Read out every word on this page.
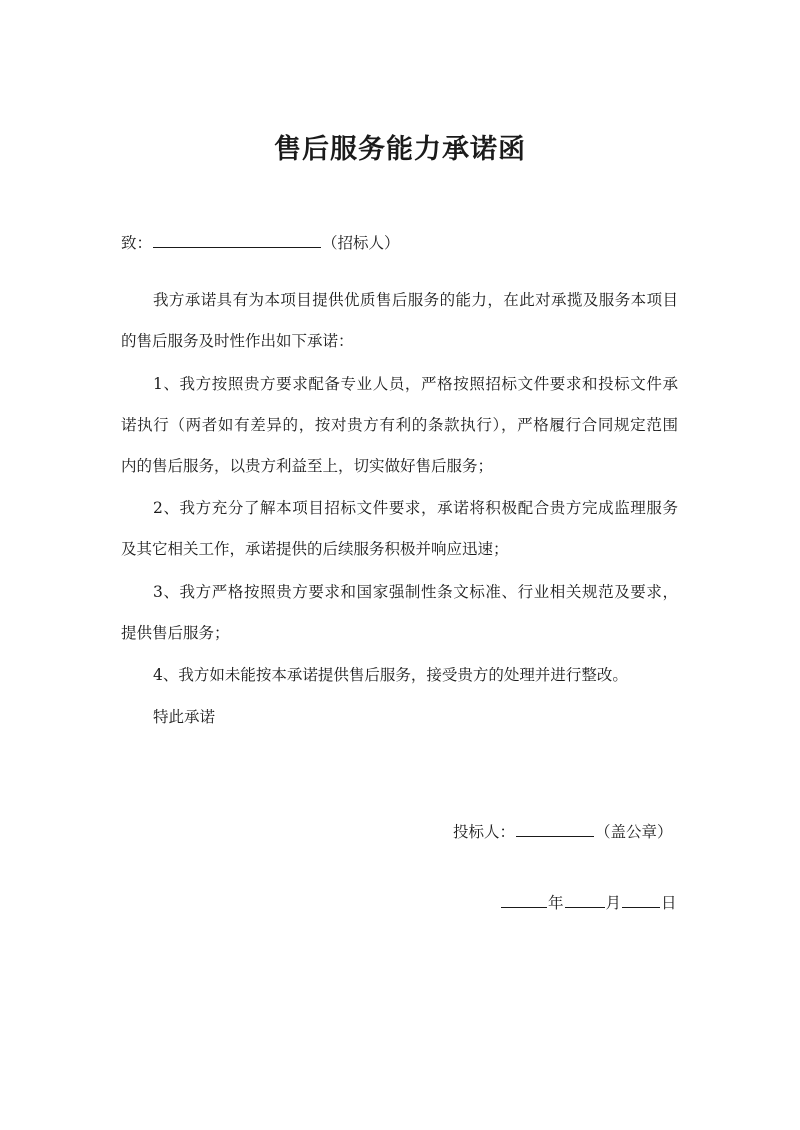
售后服务能力承诺函
致：	（招标人）
我方承诺具有为本项目提供优质售后服务的能力，在此对承揽及服务本项目
的售后服务及时性作出如下承诺：
1、我方按照贵方要求配备专业人员，严格按照招标文件要求和投标文件承
诺执行（两者如有差异的，按对贵方有利的条款执行），严格履行合同规定范围
内的售后服务，以贵方利益至上，切实做好售后服务；
2、我方充分了解本项目招标文件要求，承诺将积极配合贵方完成监理服务
及其它相关工作，承诺提供的后续服务积极并响应迅速；
3、我方严格按照贵方要求和国家强制性条文标准、行业相关规范及要求，
提供售后服务；
4、我方如未能按本承诺提供售后服务，接受贵方的处理并进行整改。
特此承诺
投标人：	（盖公章）
年	月	日
